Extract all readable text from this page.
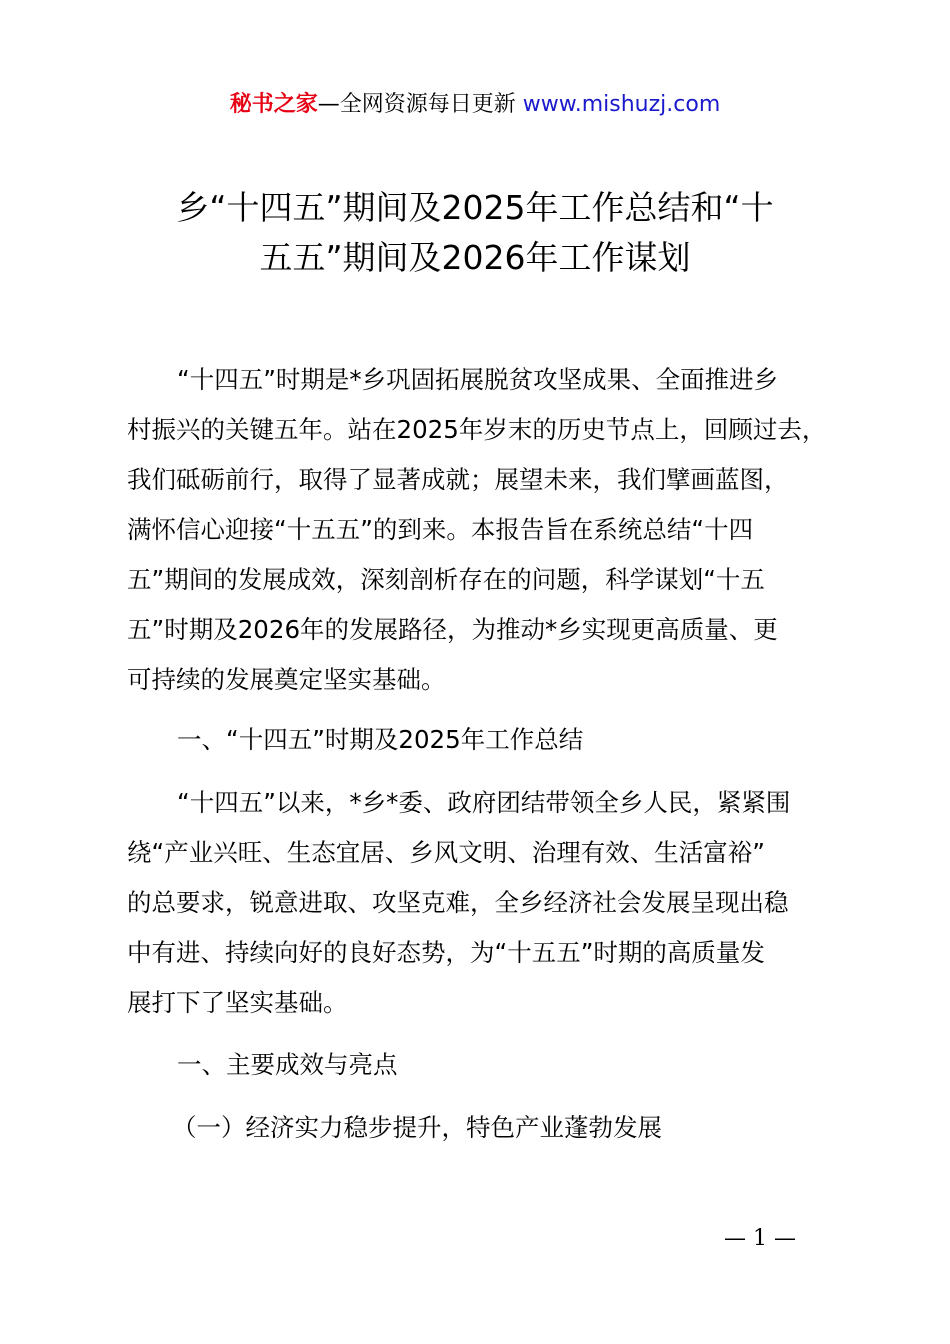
秘书之家—全网资源每日更新 www.mishuzj.com
乡“十四五”期间及2025年工作总结和“十
五五”期间及2026年工作谋划

“十四五”时期是*乡巩固拓展脱贫攻坚成果、全面推进乡
村振兴的关键五年。站在2025年岁末的历史节点上，回顾过去，
我们砥砺前行，取得了显著成就；展望未来，我们擘画蓝图，
满怀信心迎接“十五五”的到来。本报告旨在系统总结“十四
五”期间的发展成效，深刻剖析存在的问题，科学谋划“十五
五”时期及2026年的发展路径，为推动*乡实现更高质量、更
可持续的发展奠定坚实基础。

一、“十四五”时期及2025年工作总结

“十四五”以来，*乡*委、政府团结带领全乡人民，紧紧围
绕“产业兴旺、生态宜居、乡风文明、治理有效、生活富裕”
的总要求，锐意进取、攻坚克难，全乡经济社会发展呈现出稳
中有进、持续向好的良好态势，为“十五五”时期的高质量发
展打下了坚实基础。

一、主要成效与亮点

（一）经济实力稳步提升，特色产业蓬勃发展

— 1 —
